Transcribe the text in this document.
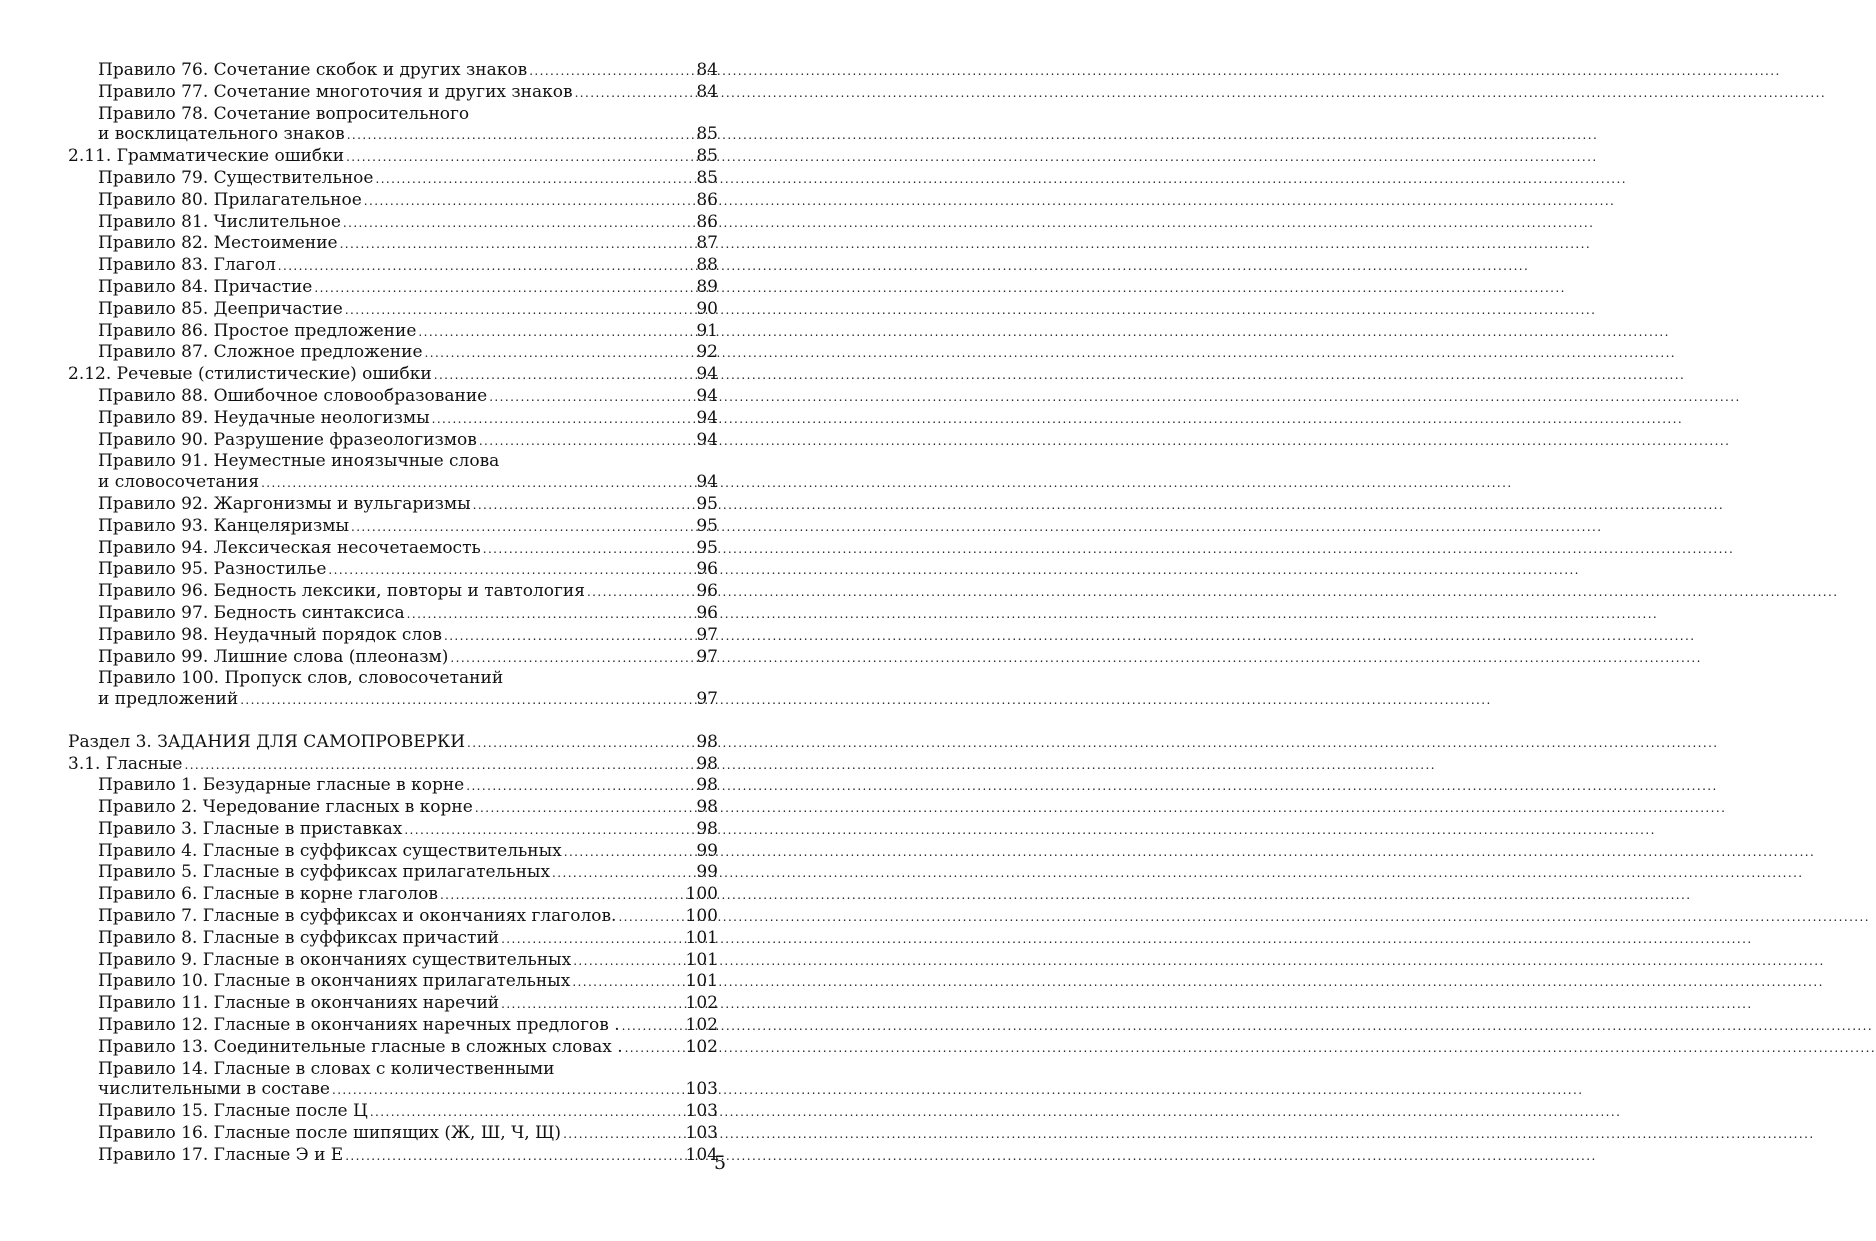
Правило 76. Сочетание скобок и других знаков .....	84
Правило 77. Сочетание многоточия и других знаков .....	84
Правило 78. Сочетание вопросительного
и восклицательного знаков .....	85
2.11. Грамматические ошибки .....	85
Правило 79. Существительное .....	85
Правило 80. Прилагательное .....	86
Правило 81. Числительное .....	86
Правило 82. Местоимение .....	87
Правило 83. Глагол .....	88
Правило 84. Причастие .....	89
Правило 85. Деепричастие .....	90
Правило 86. Простое предложение .....	91
Правило 87. Сложное предложение .....	92
2.12. Речевые (стилистические) ошибки .....	94
Правило 88. Ошибочное словообразование .....	94
Правило 89. Неудачные неологизмы .....	94
Правило 90. Разрушение фразеологизмов .....	94
Правило 91. Неуместные иноязычные слова
и словосочетания .....	94
Правило 92. Жаргонизмы и вульгаризмы .....	95
Правило 93. Канцеляризмы .....	95
Правило 94. Лексическая несочетаемость .....	95
Правило 95. Разностилье .....	96
Правило 96. Бедность лексики, повторы и тавтология .....	96
Правило 97. Бедность синтаксиса .....	96
Правило 98. Неудачный порядок слов .....	97
Правило 99. Лишние слова (плеоназм) .....	97
Правило 100. Пропуск слов, словосочетаний
и предложений .....	97
Раздел 3. ЗАДАНИЯ ДЛЯ САМОПРОВЕРКИ .....	98
3.1. Гласные .....	98
Правило 1. Безударные гласные в корне .....	98
Правило 2. Чередование гласных в корне .....	98
Правило 3. Гласные в приставках .....	98
Правило 4. Гласные в суффиксах существительных .....	99
Правило 5. Гласные в суффиксах прилагательных .....	99
Правило 6. Гласные в корне глаголов .....	100
Правило 7. Гласные в суффиксах и окончаниях глаголов. .....	100
Правило 8. Гласные в суффиксах причастий .....	101
Правило 9. Гласные в окончаниях существительных .....	101
Правило 10. Гласные в окончаниях прилагательных .....	101
Правило 11. Гласные в окончаниях наречий .....	102
Правило 12. Гласные в окончаниях наречных предлогов . .....	102
Правило 13. Соединительные гласные в сложных словах . .....	102
Правило 14. Гласные в словах с количественными
числительными в составе .....	103
Правило 15. Гласные после Ц .....	103
Правило 16. Гласные после шипящих (Ж, Ш, Ч, Щ) .....	103
Правило 17. Гласные Э и Е .....	104
5
